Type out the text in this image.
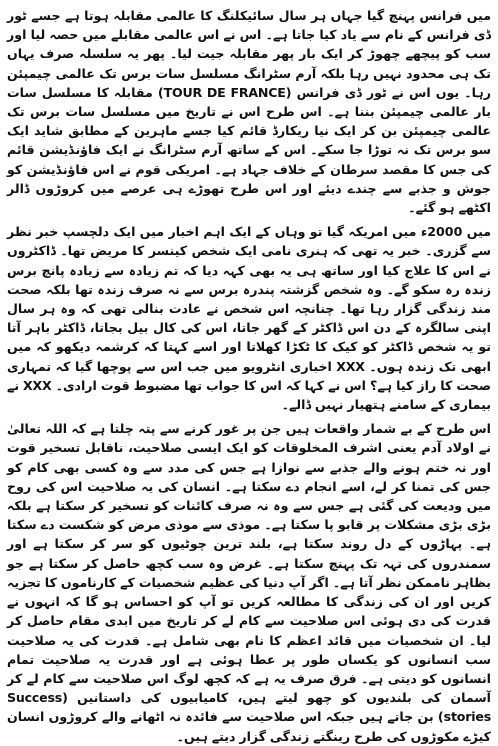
میں فرانس پہنچ گیا جہاں ہر سال سائیکلنگ کا عالمی مقابلہ ہوتا ہے جسے ٹور ڈی فرانس کے نام سے یاد کیا جاتا ہے۔ اس نے اس عالمی مقابلے میں حصہ لیا اور سب کو پیچھے چھوڑ کر ایک بار پھر مقابلہ جیت لیا۔ پھر یہ سلسلہ صرف یہاں تک ہی محدود نہیں رہا بلکہ آرم سٹرانگ مسلسل سات برس تک عالمی چیمپئن رہا۔ یوں اس نے ٹور ڈی فرانس (TOUR DE FRANCE) مقابلہ کا مسلسل سات بار عالمی چیمپئن بننا ہے۔ اس طرح اس نے تاریخ میں مسلسل سات برس تک عالمی چیمپئن بن کر ایک نیا ریکارڈ قائم کیا جسے ماہرین کے مطابق شاید ایک سو برس تک نہ توڑا جا سکے۔ اس کے ساتھ آرم سٹرانگ نے ایک فاؤنڈیشن قائم کی جس کا مقصد سرطان کے خلاف جہاد ہے۔ امریکی قوم نے اس فاؤنڈیشن کو جوش و جذبے سے چندے دیئے اور اس طرح تھوڑے ہی عرصے میں کروڑوں ڈالر اکٹھے ہو گئے۔

میں 2000ء میں امریکہ گیا تو وہاں کے ایک اہم اخبار میں ایک دلچسپ خبر نظر سے گزری۔ خبر یہ تھی کہ ہنری نامی ایک شخص کینسر کا مریض تھا۔ ڈاکٹروں نے اس کا علاج کیا اور ساتھ ہی یہ بھی کہہ دیا کہ تم زیادہ سے زیادہ پانچ برس زندہ رہ سکو گے۔ وہ شخص گزشتہ پندرہ برس سے نہ صرف زندہ تھا بلکہ صحت مند زندگی گزار رہا تھا۔ چنانچہ اس شخص نے عادت بنالی تھی کہ وہ ہر سال اپنی سالگرہ کے دن اس ڈاکٹر کے گھر جاتا، اس کی کال بیل بجاتا، ڈاکٹر باہر آتا تو یہ شخص ڈاکٹر کو کیک کا ٹکڑا کھلاتا اور اسے کہتا کہ کرشمہ دیکھو کہ میں ابھی تک زندہ ہوں۔ XXX اخباری انٹرویو میں جب اس سے پوچھا گیا کہ تمہاری صحت کا راز کیا ہے؟ اس نے کہا کہ اس کا جواب تھا مضبوط قوت ارادی۔ XXX نے بیماری کے سامنے ہتھیار نہیں ڈالے۔

اس طرح کے بے شمار واقعات ہیں جن پر غور کرنے سے پتہ چلتا ہے کہ اللہ تعالیٰ نے اولاد آدم یعنی اشرف المخلوقات کو ایک ایسی صلاحیت، ناقابل تسخیر قوت اور نہ ختم ہونے والے جذبے سے نوازا ہے جس کی مدد سے وہ کسی بھی کام کو جس کی تمنا کر لے، اسے انجام دے سکتا ہے۔ انسان کی یہ صلاحیت اس کی روح میں ودیعت کی گئی ہے جس سے وہ نہ صرف کائنات کو تسخیر کر سکتا ہے بلکہ بڑی بڑی مشکلات پر قابو پا سکتا ہے۔ موذی سے موذی مرض کو شکست دے سکتا ہے۔ پہاڑوں کے دل روند سکتا ہے، بلند ترین چوٹیوں کو سر کر سکتا ہے اور سمندروں کی تہہ تک پہنچ سکتا ہے۔ غرض وہ سب کچھ حاصل کر سکتا ہے جو بظاہر ناممکن نظر آتا ہے۔ اگر آپ دنیا کی عظیم شخصیات کے کارناموں کا تجزیہ کریں اور ان کی زندگی کا مطالعہ کریں تو آپ کو احساس ہو گا کہ انہوں نے قدرت کی دی ہوئی اس صلاحیت سے کام لے کر تاریخ میں ابدی مقام حاصل کر لیا۔ ان شخصیات میں قائد اعظم کا نام بھی شامل ہے۔ قدرت کی یہ صلاحیت سب انسانوں کو یکساں طور پر عطا ہوئی ہے اور قدرت یہ صلاحیت تمام انسانوں کو دیتی ہے۔ فرق صرف یہ ہے کہ کچھ لوگ اس صلاحیت سے کام لے کر آسمان کی بلندیوں کو چھو لیتے ہیں، کامیابیوں کی داستانیں (Success stories) بن جاتے ہیں جبکہ اس صلاحیت سے فائدہ نہ اٹھانے والے کروڑوں انسان کیڑے مکوڑوں کی طرح رینگتے زندگی گزار دیتے ہیں۔
